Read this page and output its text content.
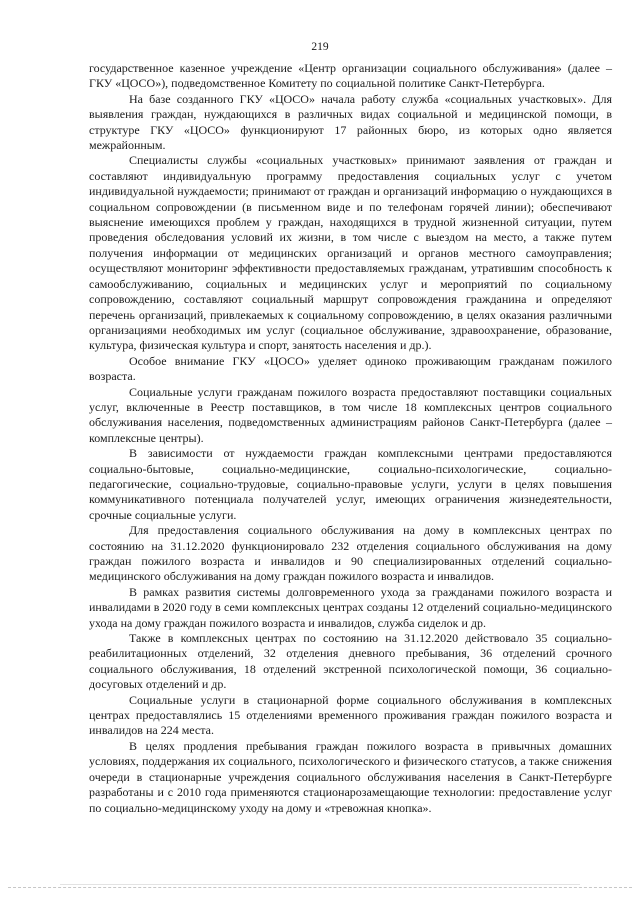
219

государственное казенное учреждение «Центр организации социального обслуживания» (далее – ГКУ «ЦОСО»), подведомственное Комитету по социальной политике Санкт-Петербурга.

На базе созданного ГКУ «ЦОСО» начала работу служба «социальных участковых». Для выявления граждан, нуждающихся в различных видах социальной и медицинской помощи, в структуре ГКУ «ЦОСО» функционируют 17 районных бюро, из которых одно является межрайонным.

Специалисты службы «социальных участковых» принимают заявления от граждан и составляют индивидуальную программу предоставления социальных услуг с учетом индивидуальной нуждаемости; принимают от граждан и организаций информацию о нуждающихся в социальном сопровождении (в письменном виде и по телефонам горячей линии); обеспечивают выяснение имеющихся проблем у граждан, находящихся в трудной жизненной ситуации, путем проведения обследования условий их жизни, в том числе с выездом на место, а также путем получения информации от медицинских организаций и органов местного самоуправления; осуществляют мониторинг эффективности предоставляемых гражданам, утратившим способность к самообслуживанию, социальных и медицинских услуг и мероприятий по социальному сопровождению, составляют социальный маршрут сопровождения гражданина и определяют перечень организаций, привлекаемых к социальному сопровождению, в целях оказания различными организациями необходимых им услуг (социальное обслуживание, здравоохранение, образование, культура, физическая культура и спорт, занятость населения и др.).

Особое внимание ГКУ «ЦОСО» уделяет одиноко проживающим гражданам пожилого возраста.

Социальные услуги гражданам пожилого возраста предоставляют поставщики социальных услуг, включенные в Реестр поставщиков, в том числе 18 комплексных центров социального обслуживания населения, подведомственных администрациям районов Санкт-Петербурга (далее – комплексные центры).

В зависимости от нуждаемости граждан комплексными центрами предоставляются социально-бытовые, социально-медицинские, социально-психологические, социально-педагогические, социально-трудовые, социально-правовые услуги, услуги в целях повышения коммуникативного потенциала получателей услуг, имеющих ограничения жизнедеятельности, срочные социальные услуги.

Для предоставления социального обслуживания на дому в комплексных центрах по состоянию на 31.12.2020 функционировало 232 отделения социального обслуживания на дому граждан пожилого возраста и инвалидов и 90 специализированных отделений социально-медицинского обслуживания на дому граждан пожилого возраста и инвалидов.

В рамках развития системы долговременного ухода за гражданами пожилого возраста и инвалидами в 2020 году в семи комплексных центрах созданы 12 отделений социально-медицинского ухода на дому граждан пожилого возраста и инвалидов, служба сиделок и др.

Также в комплексных центрах по состоянию на 31.12.2020 действовало 35 социально-реабилитационных отделений, 32 отделения дневного пребывания, 36 отделений срочного социального обслуживания, 18 отделений экстренной психологической помощи, 36 социально-досуговых отделений и др.

Социальные услуги в стационарной форме социального обслуживания в комплексных центрах предоставлялись 15 отделениями временного проживания граждан пожилого возраста и инвалидов на 224 места.

В целях продления пребывания граждан пожилого возраста в привычных домашних условиях, поддержания их социального, психологического и физического статусов, а также снижения очереди в стационарные учреждения социального обслуживания населения в Санкт-Петербурге разработаны и с 2010 года применяются стационарозамещающие технологии: предоставление услуг по социально-медицинскому уходу на дому и «тревожная кнопка».
